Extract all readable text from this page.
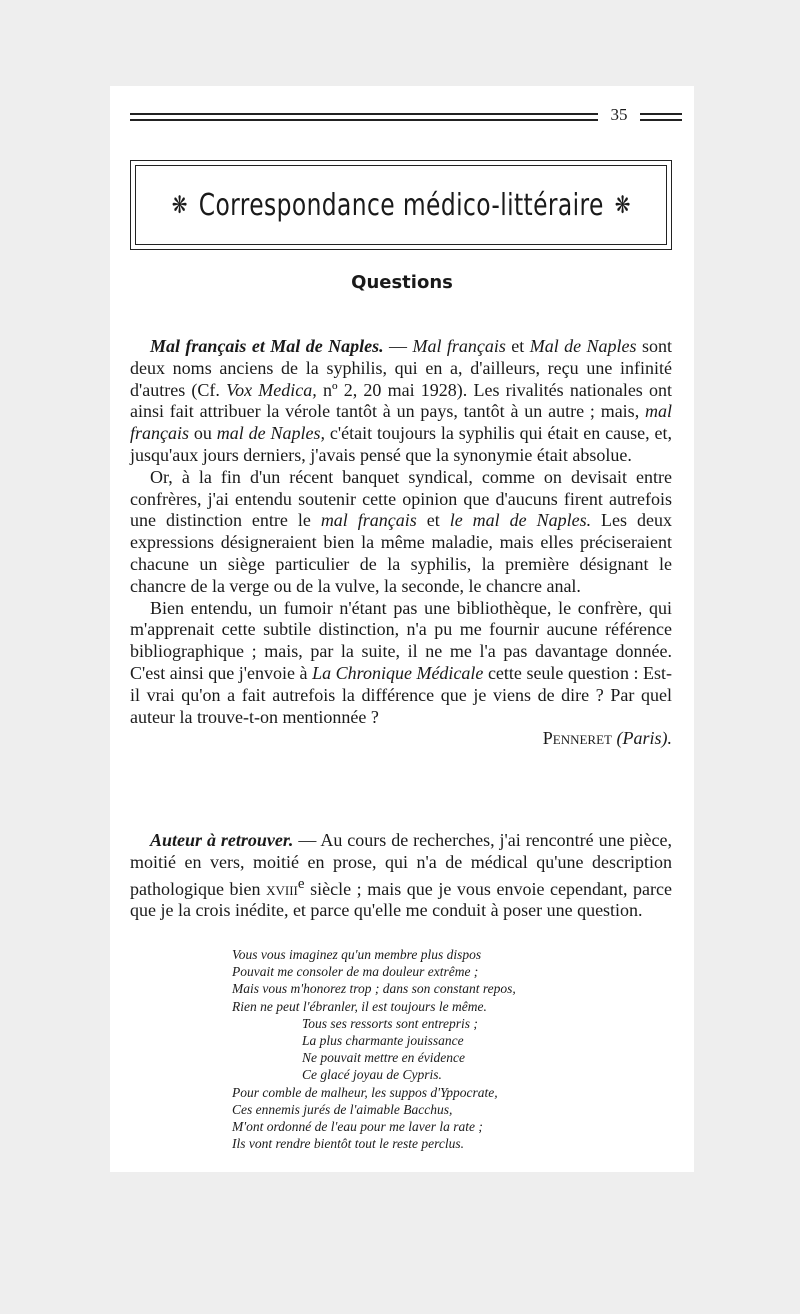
35
❋ Correspondance médico-littéraire ❋
Questions

Mal français et Mal de Naples. — Mal français et Mal de Naples sont deux noms anciens de la syphilis, qui en a, d'ailleurs, reçu une infinité d'autres (Cf. Vox Medica, nº 2, 20 mai 1928). Les rivalités nationales ont ainsi fait attribuer la vérole tantôt à un pays, tantôt à un autre ; mais, mal français ou mal de Naples, c'était toujours la syphilis qui était en cause, et, jusqu'aux jours derniers, j'avais pensé que la synonymie était absolue.

Or, à la fin d'un récent banquet syndical, comme on devisait entre confrères, j'ai entendu soutenir cette opinion que d'aucuns firent autrefois une distinction entre le mal français et le mal de Naples. Les deux expressions désigneraient bien la même maladie, mais elles préciseraient chacune un siège particulier de la syphilis, la première désignant le chancre de la verge ou de la vulve, la seconde, le chancre anal.

Bien entendu, un fumoir n'étant pas une bibliothèque, le confrère, qui m'apprenait cette subtile distinction, n'a pu me fournir aucune référence bibliographique ; mais, par la suite, il ne me l'a pas davantage donnée. C'est ainsi que j'envoie à La Chronique Médicale cette seule question : Est-il vrai qu'on a fait autrefois la différence que je viens de dire ? Par quel auteur la trouve-t-on mentionnée ?

Penneret (Paris).

Auteur à retrouver. — Au cours de recherches, j'ai rencontré une pièce, moitié en vers, moitié en prose, qui n'a de médical qu'une description pathologique bien xviii$^e$ siècle ; mais que je vous envoie cependant, parce que je la crois inédite, et parce qu'elle me conduit à poser une question.

Vous vous imaginez qu'un membre plus dispos
Pouvait me consoler de ma douleur extrême ;
Mais vous m'honorez trop ; dans son constant repos,
Rien ne peut l'ébranler, il est toujours le même.
Tous ses ressorts sont entrepris ;
La plus charmante jouissance
Ne pouvait mettre en évidence
Ce glacé joyau de Cypris.
Pour comble de malheur, les suppos d'Yppocrate,
Ces ennemis jurés de l'aimable Bacchus,
M'ont ordonné de l'eau pour me laver la rate ;
Ils vont rendre bientôt tout le reste perclus.
